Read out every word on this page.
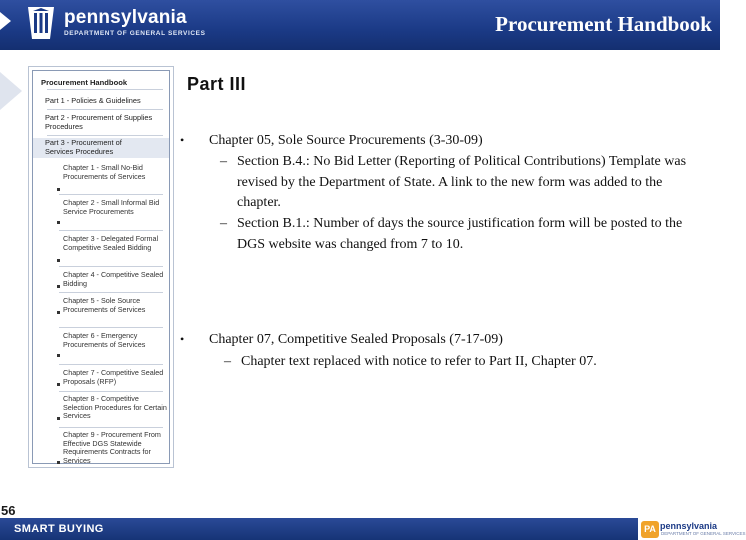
pennsylvania
DEPARTMENT OF GENERAL SERVICES	Procurement Handbook
Procurement Handbook
Part 1 - Policies & Guidelines
Part 2 - Procurement of Supplies Procedures
Part 3 - Procurement of Services Procedures
Chapter 1 - Small No-Bid Procurements of Services
Chapter 2 - Small Informal Bid Service Procurements
Chapter 3 - Delegated Formal Competitive Sealed Bidding
Chapter 4 - Competitive Sealed Bidding
Chapter 5 - Sole Source Procurements of Services
Chapter 6 - Emergency Procurements of Services
Chapter 7 - Competitive Sealed Proposals (RFP)
Chapter 8 - Competitive Selection Procedures for Certain Services
Chapter 9 - Procurement From Effective DGS Statewide Requirements Contracts for Services
Part III
• Chapter 05, Sole Source Procurements (3-30-09)
– Section B.4.: No Bid Letter (Reporting of Political Contributions) Template was revised by the Department of State. A link to the new form was added to the chapter.
– Section B.1.: Number of days the source justification form will be posted to the DGS website was changed from 7 to 10.
• Chapter 07, Competitive Sealed Proposals (7-17-09)
– Chapter text replaced with notice to refer to Part II, Chapter 07.
56
SMART BUYING	PA pennsylvania
DEPARTMENT OF GENERAL SERVICES
